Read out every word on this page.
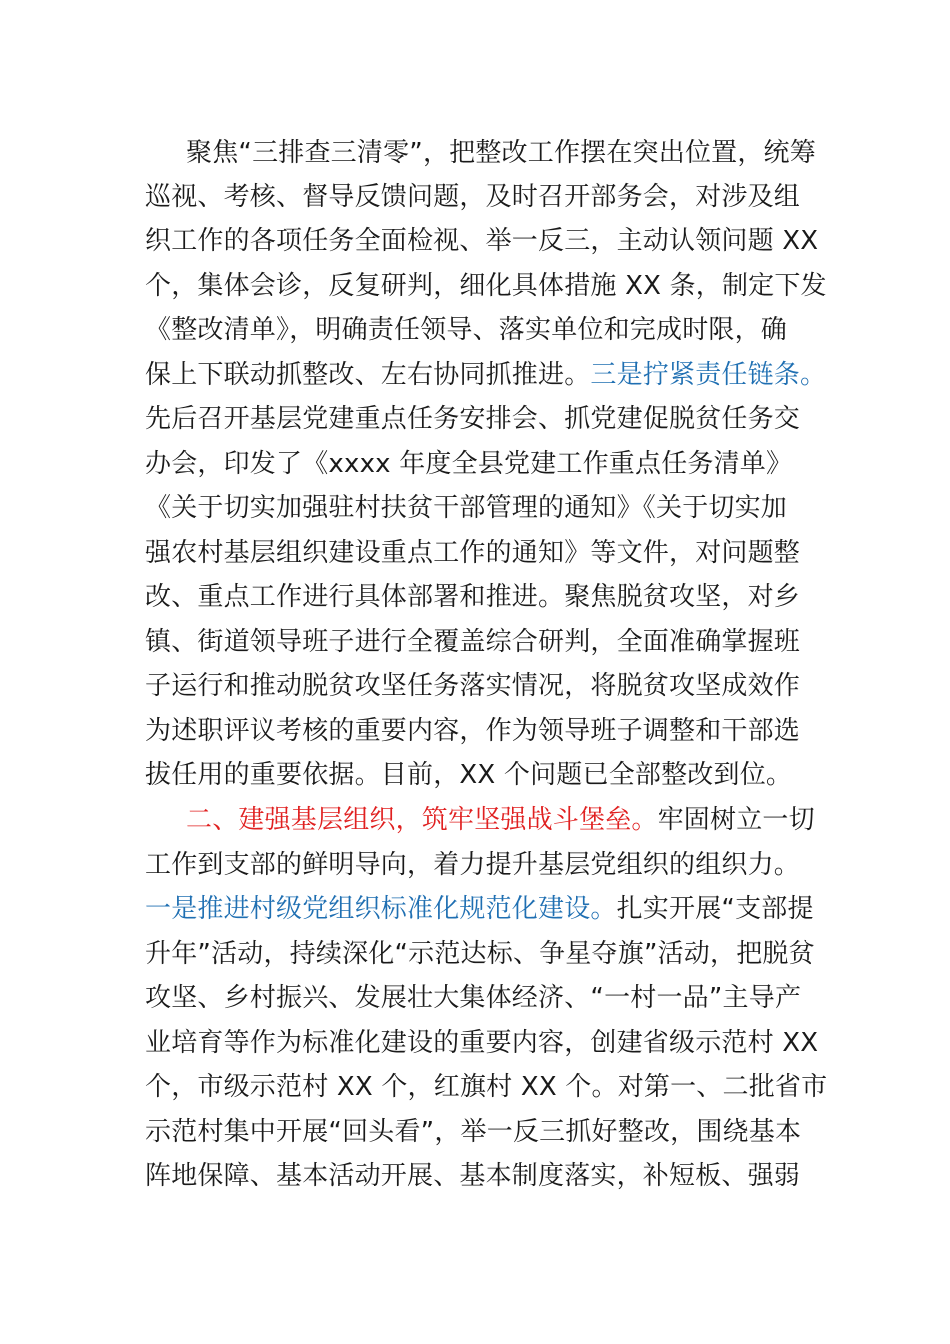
聚焦“三排查三清零”，把整改工作摆在突出位置，统筹
巡视、考核、督导反馈问题，及时召开部务会，对涉及组
织工作的各项任务全面检视、举一反三，主动认领问题 XX
个，集体会诊，反复研判，细化具体措施 XX 条，制定下发
《整改清单》，明确责任领导、落实单位和完成时限，确
保上下联动抓整改、左右协同抓推进。三是拧紧责任链条。
先后召开基层党建重点任务安排会、抓党建促脱贫任务交
办会，印发了《xxxx 年度全县党建工作重点任务清单》
《关于切实加强驻村扶贫干部管理的通知》《关于切实加
强农村基层组织建设重点工作的通知》等文件，对问题整
改、重点工作进行具体部署和推进。聚焦脱贫攻坚，对乡
镇、街道领导班子进行全覆盖综合研判，全面准确掌握班
子运行和推动脱贫攻坚任务落实情况，将脱贫攻坚成效作
为述职评议考核的重要内容，作为领导班子调整和干部选
拔任用的重要依据。目前，XX 个问题已全部整改到位。
二、建强基层组织，筑牢坚强战斗堡垒。牢固树立一切
工作到支部的鲜明导向，着力提升基层党组织的组织力。
一是推进村级党组织标准化规范化建设。扎实开展“支部提
升年”活动，持续深化“示范达标、争星夺旗”活动，把脱贫
攻坚、乡村振兴、发展壮大集体经济、“一村一品”主导产
业培育等作为标准化建设的重要内容，创建省级示范村 XX
个，市级示范村 XX 个，红旗村 XX 个。对第一、二批省市
示范村集中开展“回头看”，举一反三抓好整改，围绕基本
阵地保障、基本活动开展、基本制度落实，补短板、强弱
